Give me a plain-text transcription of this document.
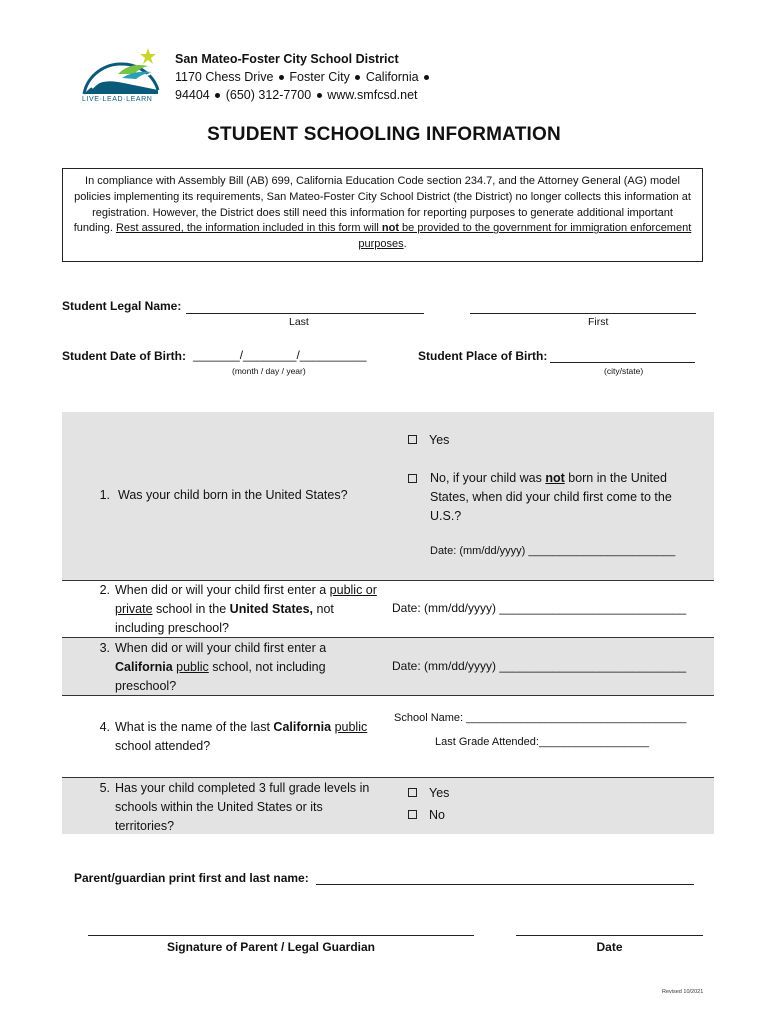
LIVE·LEAD·LEARN
San Mateo-Foster City School District
1170 Chess Drive Foster City California
94404 (650) 312-7700 www.smfcsd.net
STUDENT SCHOOLING INFORMATION
In compliance with Assembly Bill (AB) 699, California Education Code section 234.7, and the Attorney General (AG) model policies implementing its requirements, San Mateo-Foster City School District (the District) no longer collects this information at registration. However, the District does still need this information for reporting purposes to generate additional important funding. Rest assured, the information included in this form will not be provided to the government for immigration enforcement purposes.
Student Legal Name:
Last	First
Student Date of Birth: _______/________/__________
(month / day / year)
Student Place of Birth:
(city/state)
1. Was your child born in the United States?
Yes
No, if your child was not born in the United States, when did your child first come to the U.S.?
Date: (mm/dd/yyyy) ________________________
2. When did or will your child first enter a public or private school in the United States, not including preschool?
Date: (mm/dd/yyyy) ____________________________
3. When did or will your child first enter a California public school, not including preschool?
Date: (mm/dd/yyyy) ____________________________
4. What is the name of the last California public school attended?
School Name: ____________________________________
Last Grade Attended:__________________
5. Has your child completed 3 full grade levels in schools within the United States or its territories?
Yes
No
Parent/guardian print first and last name:
Signature of Parent / Legal Guardian	Date
Revised 10/2021
